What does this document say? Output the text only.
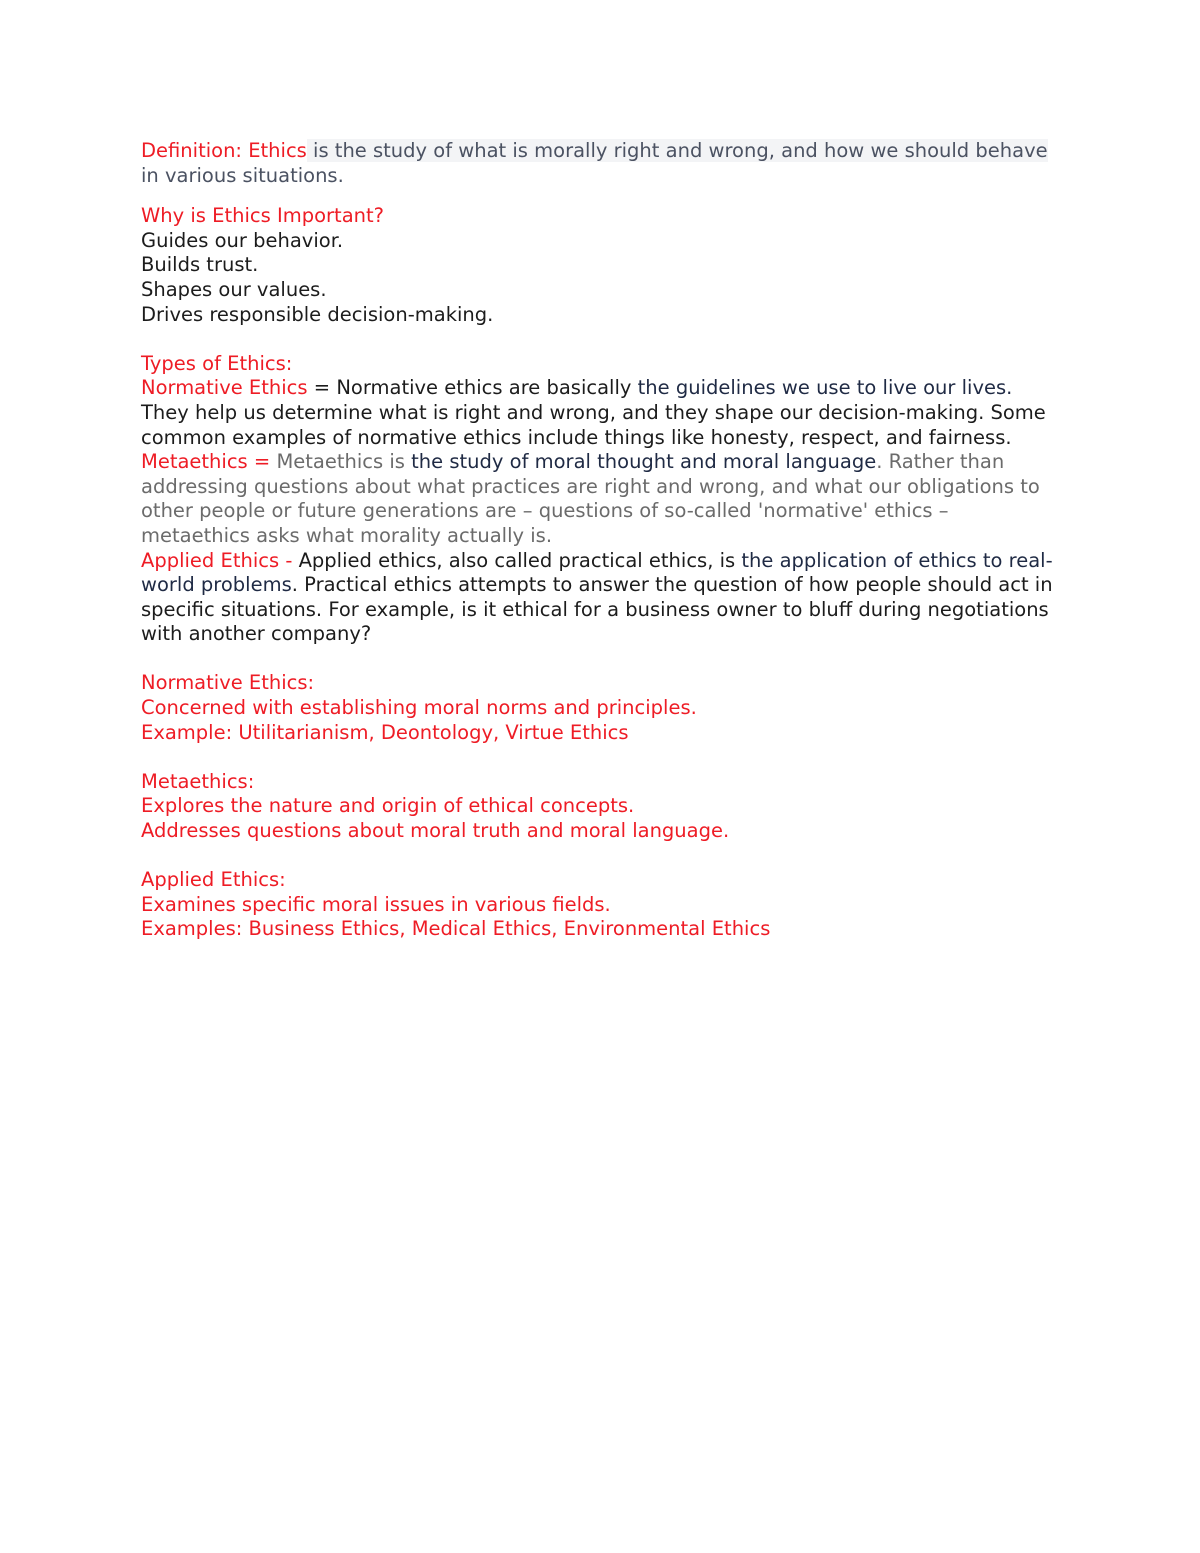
Definition: Ethics is the study of what is morally right and wrong, and how we should behave
in various situations.
Why is Ethics Important?
Guides our behavior.
Builds trust.
Shapes our values.
Drives responsible decision-making.
Types of Ethics:
Normative Ethics = Normative ethics are basically the guidelines we use to live our lives.
They help us determine what is right and wrong, and they shape our decision-making. Some
common examples of normative ethics include things like honesty, respect, and fairness.
Metaethics = Metaethics is the study of moral thought and moral language. Rather than
addressing questions about what practices are right and wrong, and what our obligations to
other people or future generations are – questions of so-called 'normative' ethics –
metaethics asks what morality actually is.
Applied Ethics - Applied ethics, also called practical ethics, is the application of ethics to real-
world problems. Practical ethics attempts to answer the question of how people should act in
specific situations. For example, is it ethical for a business owner to bluff during negotiations
with another company?
Normative Ethics:
Concerned with establishing moral norms and principles.
Example: Utilitarianism, Deontology, Virtue Ethics
Metaethics:
Explores the nature and origin of ethical concepts.
Addresses questions about moral truth and moral language.
Applied Ethics:
Examines specific moral issues in various fields.
Examples: Business Ethics, Medical Ethics, Environmental Ethics
